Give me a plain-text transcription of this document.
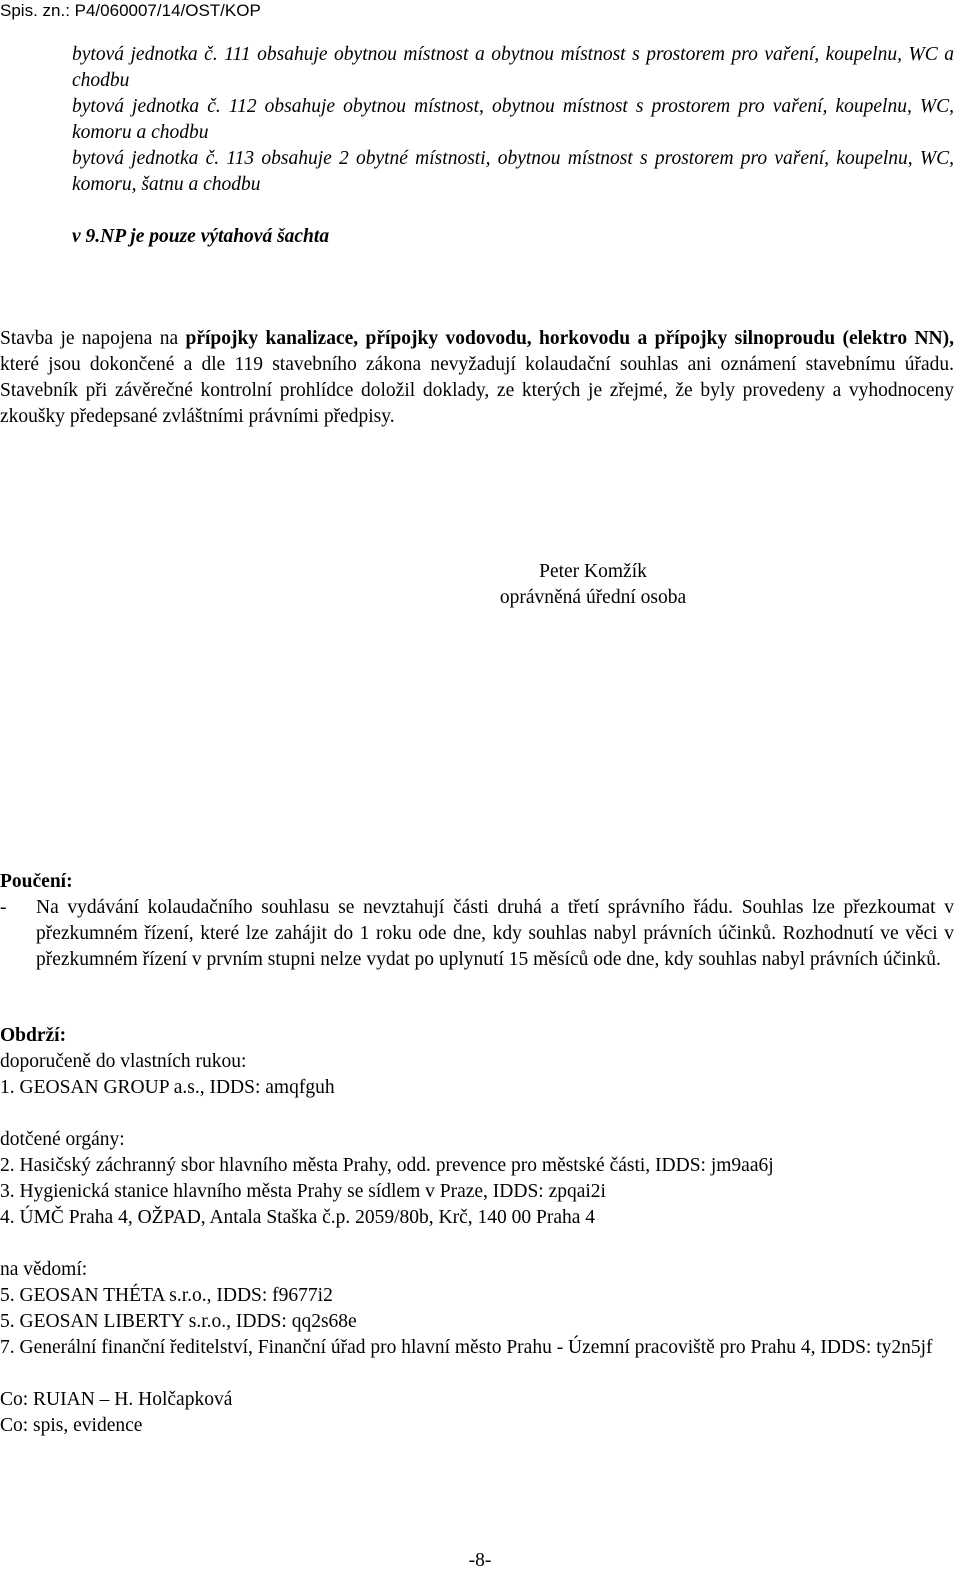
Spis. zn.: P4/060007/14/OST/KOP
bytová jednotka č. 111 obsahuje obytnou místnost a obytnou místnost s prostorem pro vaření, koupelnu, WC a chodbu
bytová jednotka č. 112 obsahuje obytnou místnost, obytnou místnost s prostorem pro vaření, koupelnu, WC, komoru a chodbu
bytová jednotka č. 113 obsahuje 2 obytné místnosti, obytnou místnost s prostorem pro vaření, koupelnu, WC, komoru, šatnu a chodbu
v 9.NP je pouze výtahová šachta
Stavba je napojena na přípojky kanalizace, přípojky vodovodu, horkovodu a přípojky silnoproudu (elektro NN), které jsou dokončené a dle 119 stavebního zákona nevyžadují kolaudační souhlas ani oznámení stavebnímu úřadu. Stavebník při závěrečné kontrolní prohlídce doložil doklady, ze kterých je zřejmé, že byly provedeny a vyhodnoceny zkoušky předepsané zvláštními právními předpisy.
Peter Komžík
oprávněná úřední osoba
Poučení:
-	Na vydávání kolaudačního souhlasu se nevztahují části druhá a třetí správního řádu. Souhlas lze přezkoumat v přezkumném řízení, které lze zahájit do 1 roku ode dne, kdy souhlas nabyl právních účinků. Rozhodnutí ve věci v přezkumném řízení v prvním stupni nelze vydat po uplynutí 15 měsíců ode dne, kdy souhlas nabyl právních účinků.
Obdrží:
doporučeně do vlastních rukou:
1. GEOSAN GROUP a.s., IDDS: amqfguh
dotčené orgány:
2. Hasičský záchranný sbor hlavního města Prahy, odd. prevence pro městské části, IDDS: jm9aa6j
3. Hygienická stanice hlavního města Prahy se sídlem v Praze, IDDS: zpqai2i
4. ÚMČ Praha 4, OŽPAD, Antala Staška č.p. 2059/80b, Krč, 140 00 Praha 4
na vědomí:
5. GEOSAN THÉTA s.r.o., IDDS: f9677i2
5. GEOSAN LIBERTY s.r.o., IDDS: qq2s68e
7. Generální finanční ředitelství, Finanční úřad pro hlavní město Prahu - Územní pracoviště pro Prahu 4, IDDS: ty2n5jf
Co: RUIAN – H. Holčapková
Co: spis, evidence
-8-
